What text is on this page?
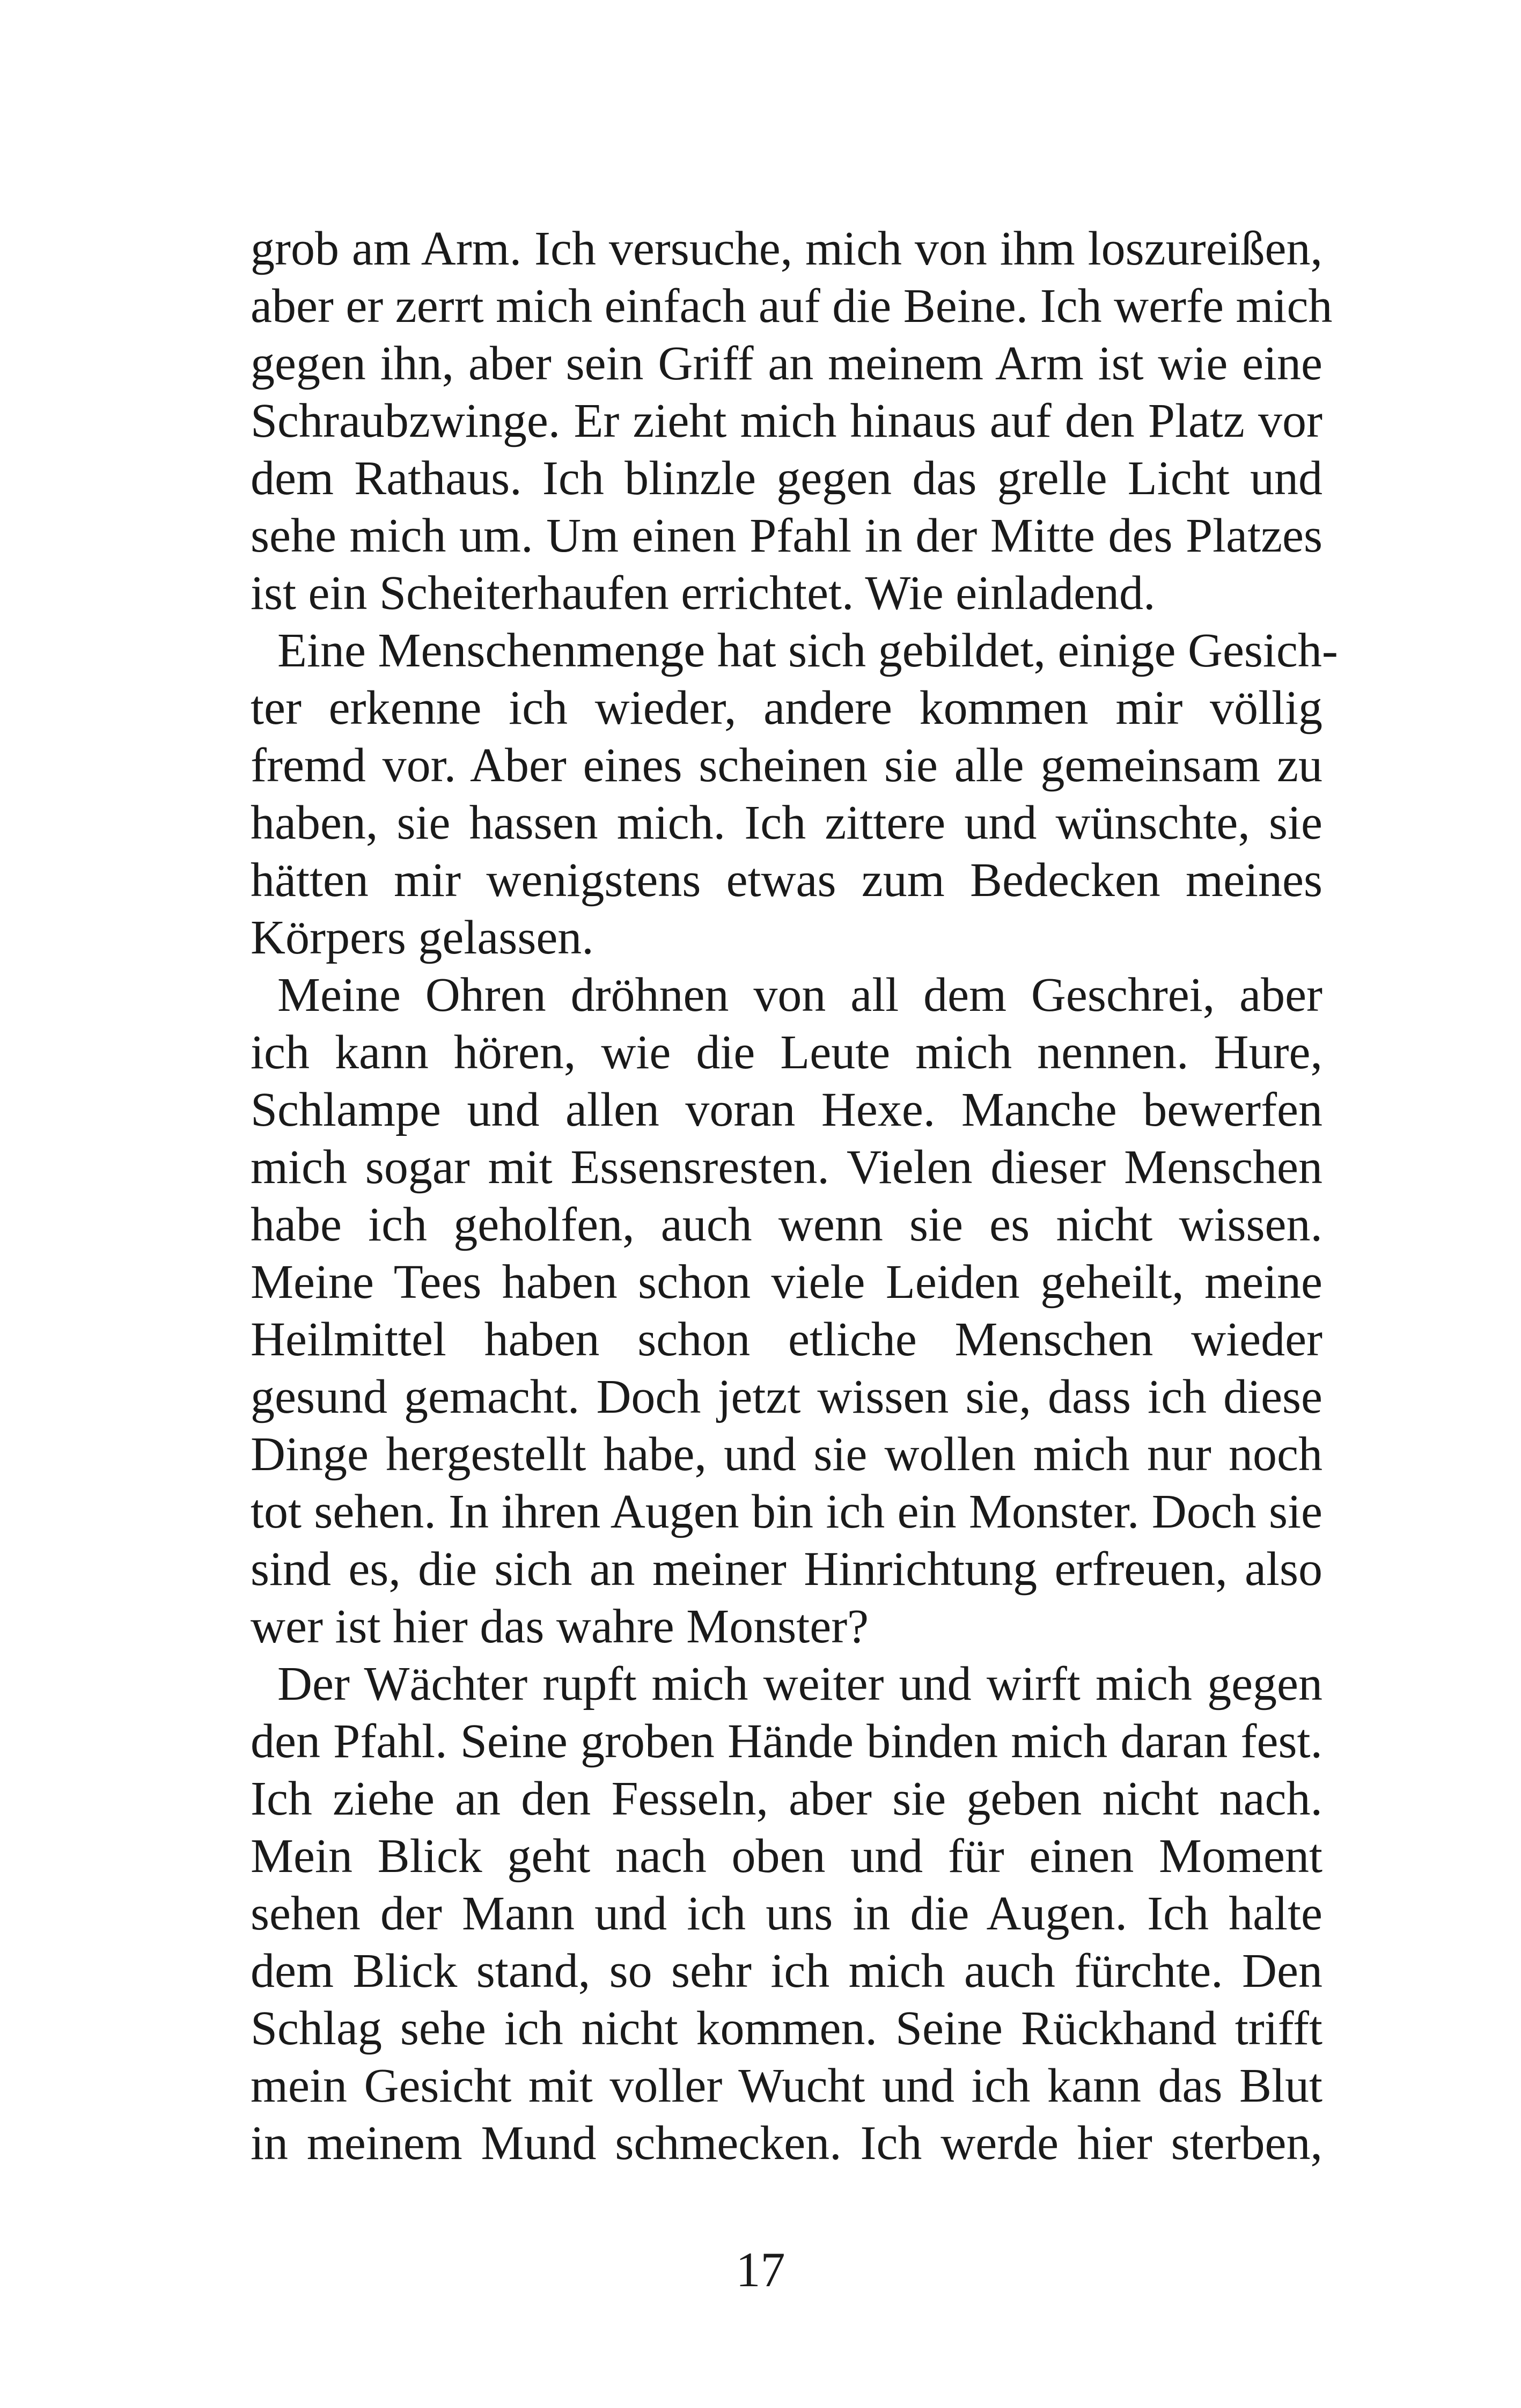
grob am Arm. Ich versuche, mich von ihm loszureißen,
aber er zerrt mich einfach auf die Beine. Ich werfe mich
gegen ihn, aber sein Griff an meinem Arm ist wie eine
Schraubzwinge. Er zieht mich hinaus auf den Platz vor
dem Rathaus. Ich blinzle gegen das grelle Licht und
sehe mich um. Um einen Pfahl in der Mitte des Platzes
ist ein Scheiterhaufen errichtet. Wie einladend.
Eine Menschenmenge hat sich gebildet, einige Gesich-
ter erkenne ich wieder, andere kommen mir völlig
fremd vor. Aber eines scheinen sie alle gemeinsam zu
haben, sie hassen mich. Ich zittere und wünschte, sie
hätten mir wenigstens etwas zum Bedecken meines
Körpers gelassen.
Meine Ohren dröhnen von all dem Geschrei, aber
ich kann hören, wie die Leute mich nennen. Hure,
Schlampe und allen voran Hexe. Manche bewerfen
mich sogar mit Essensresten. Vielen dieser Menschen
habe ich geholfen, auch wenn sie es nicht wissen.
Meine Tees haben schon viele Leiden geheilt, meine
Heilmittel haben schon etliche Menschen wieder
gesund gemacht. Doch jetzt wissen sie, dass ich diese
Dinge hergestellt habe, und sie wollen mich nur noch
tot sehen. In ihren Augen bin ich ein Monster. Doch sie
sind es, die sich an meiner Hinrichtung erfreuen, also
wer ist hier das wahre Monster?
Der Wächter rupft mich weiter und wirft mich gegen
den Pfahl. Seine groben Hände binden mich daran fest.
Ich ziehe an den Fesseln, aber sie geben nicht nach.
Mein Blick geht nach oben und für einen Moment
sehen der Mann und ich uns in die Augen. Ich halte
dem Blick stand, so sehr ich mich auch fürchte. Den
Schlag sehe ich nicht kommen. Seine Rückhand trifft
mein Gesicht mit voller Wucht und ich kann das Blut
in meinem Mund schmecken. Ich werde hier sterben,
17
